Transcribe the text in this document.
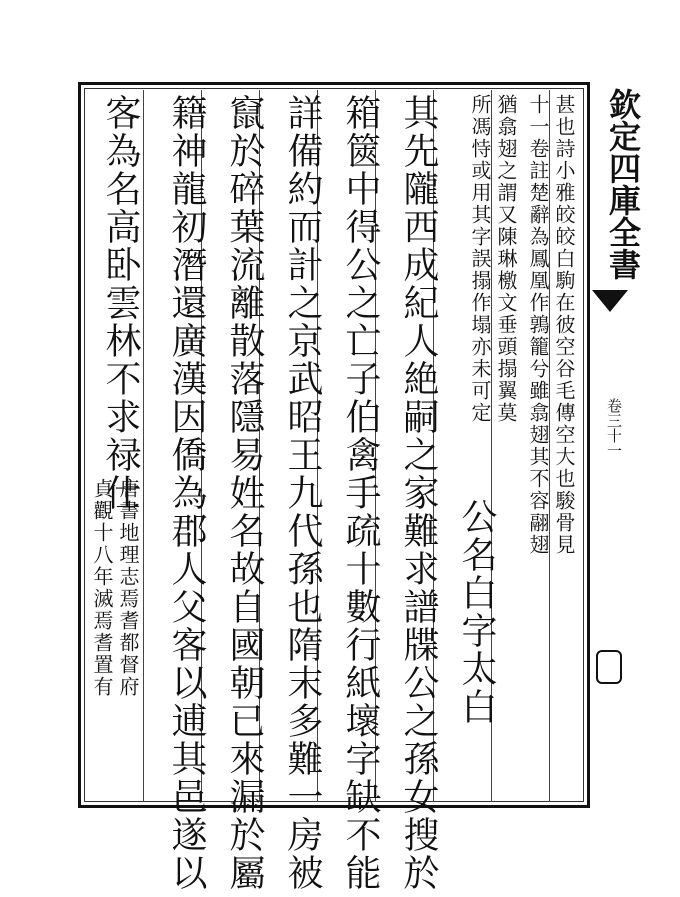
欽定四庫全書
卷三十一
甚也詩小雅皎皎白駒在彼空谷毛傳空大也駿骨見
十一卷註楚辭為鳳凰作鶉籠兮雖翕翅其不容翮翅
猶翕翅之謂又陳琳檄文垂頭搨翼莫
所馮恃或用其字誤搨作塌亦未可定
公名白字太白
其先隴西成紀人絶嗣之家難求譜牒公之孫女搜於
箱篋中得公之亡子伯禽手疏十數行紙壞字缺不能
詳備約而計之京武昭王九代孫也隋末多難一房被
竄於碎葉流離散落隱易姓名故自國朝已來漏於屬
籍神龍初潛還廣漢因僑為郡人父客以逋其邑遂以
客為名高卧雲林不求禄仕
唐書地理志焉耆都督府
貞觀十八年滅焉耆置有
